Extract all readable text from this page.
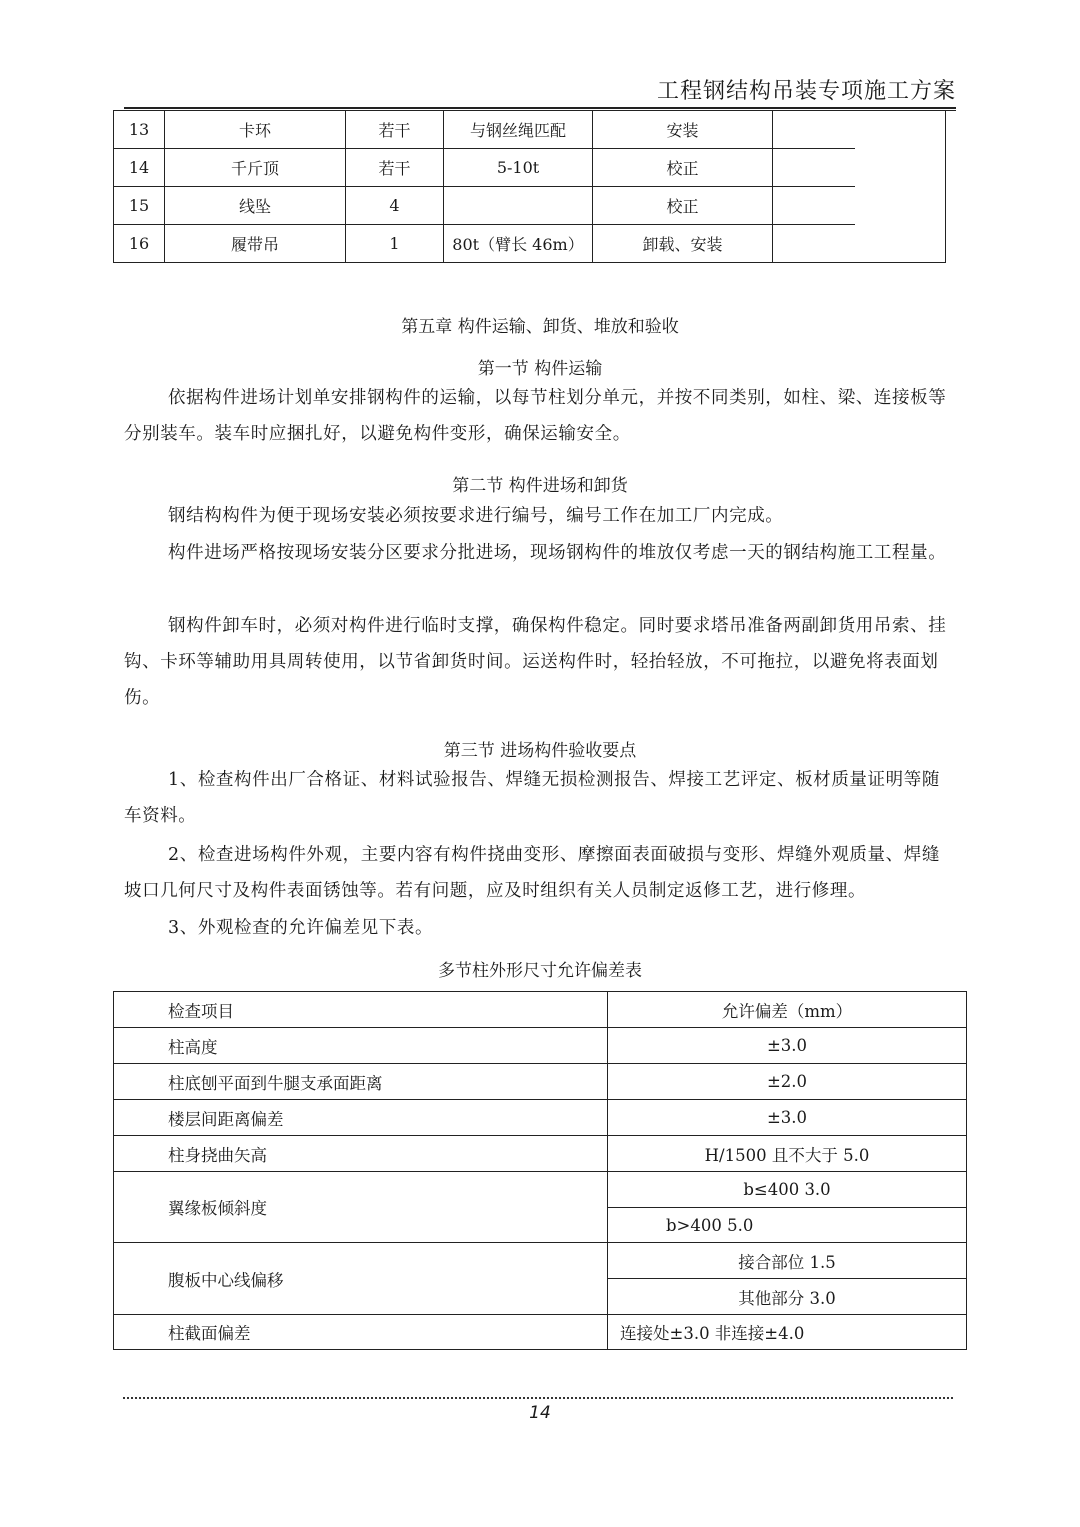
工程钢结构吊装专项施工方案
13	卡环	若干	与钢丝绳匹配	安装	
14	千斤顶	若干	5-10t	校正	
15	线坠	4		校正	
16	履带吊	1	80t（臂长 46m）	卸载、安装	
第五章 构件运输、卸货、堆放和验收
第一节 构件运输
依据构件进场计划单安排钢构件的运输，以每节柱划分单元，并按不同类别，如柱、梁、连接板等分别装车。装车时应捆扎好，以避免构件变形，确保运输安全。
第二节 构件进场和卸货
钢结构构件为便于现场安装必须按要求进行编号，编号工作在加工厂内完成。
构件进场严格按现场安装分区要求分批进场，现场钢构件的堆放仅考虑一天的钢结构施工工程量。
钢构件卸车时，必须对构件进行临时支撑，确保构件稳定。同时要求塔吊准备两副卸货用吊索、挂钩、卡环等辅助用具周转使用，以节省卸货时间。运送构件时，轻抬轻放，不可拖拉，以避免将表面划伤。
第三节 进场构件验收要点
1、检查构件出厂合格证、材料试验报告、焊缝无损检测报告、焊接工艺评定、板材质量证明等随车资料。
2、检查进场构件外观，主要内容有构件挠曲变形、摩擦面表面破损与变形、焊缝外观质量、焊缝坡口几何尺寸及构件表面锈蚀等。若有问题，应及时组织有关人员制定返修工艺，进行修理。
3、外观检查的允许偏差见下表。
多节柱外形尺寸允许偏差表
检查项目	允许偏差（mm）
柱高度	±3.0
柱底刨平面到牛腿支承面距离	±2.0
楼层间距离偏差	±3.0
柱身挠曲矢高	H/1500 且不大于 5.0
翼缘板倾斜度	b≤400 3.0
	b>400 5.0
腹板中心线偏移	接合部位 1.5
	其他部分 3.0
柱截面偏差	连接处±3.0 非连接±4.0
14
